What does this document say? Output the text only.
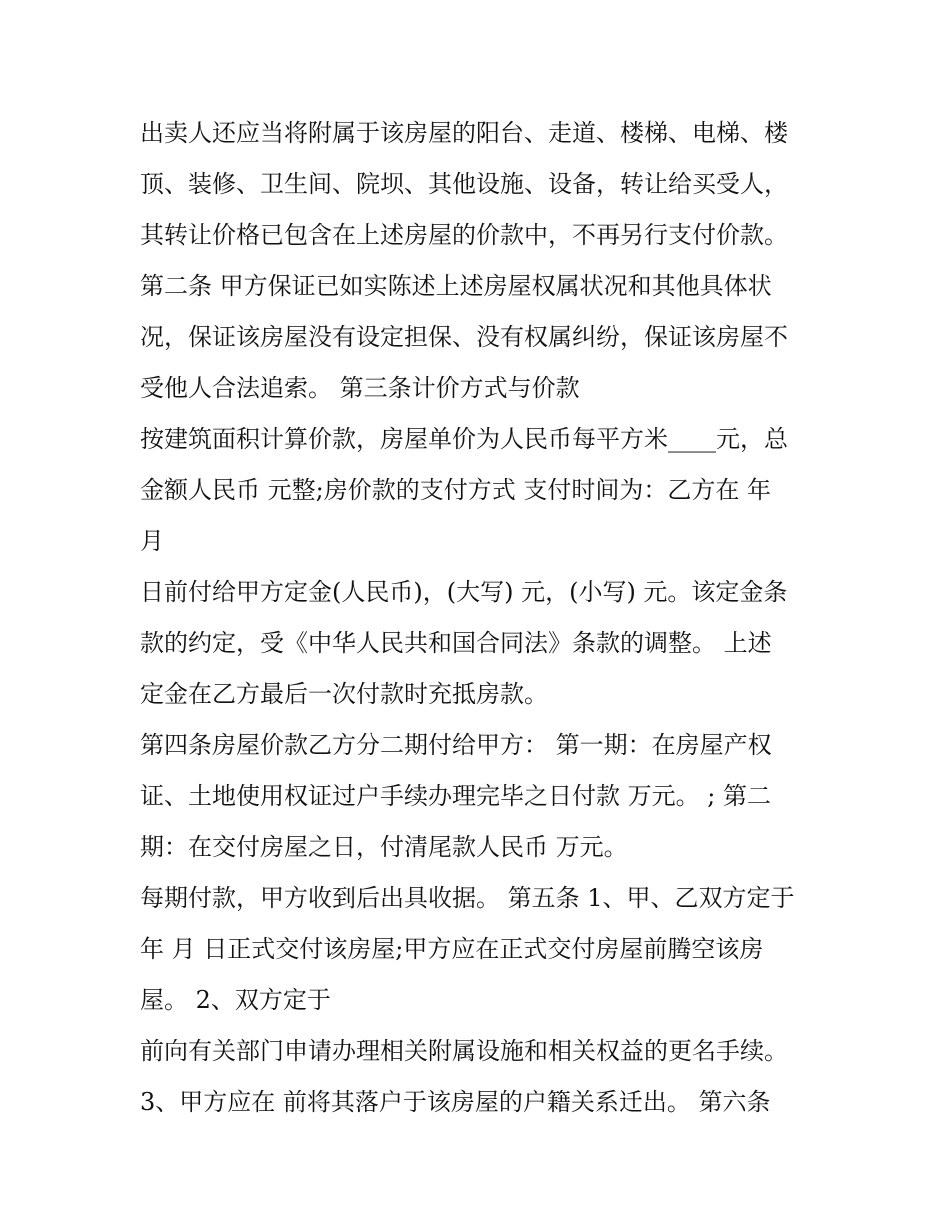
出卖人还应当将附属于该房屋的阳台、走道、楼梯、电梯、楼
顶、装修、卫生间、院坝、其他设施、设备，转让给买受人，
其转让价格已包含在上述房屋的价款中，不再另行支付价款。
第二条 甲方保证已如实陈述上述房屋权属状况和其他具体状
况，保证该房屋没有设定担保、没有权属纠纷，保证该房屋不
受他人合法追索。 第三条计价方式与价款
按建筑面积计算价款，房屋单价为人民币每平方米____元，总
金额人民币 元整;房价款的支付方式 支付时间为：乙方在 年
月
日前付给甲方定金(人民币)，(大写) 元，(小写) 元。该定金条
款的约定，受《中华人民共和国合同法》条款的调整。 上述
定金在乙方最后一次付款时充抵房款。
第四条房屋价款乙方分二期付给甲方： 第一期：在房屋产权
证、土地使用权证过户手续办理完毕之日付款 万元。 ; 第二
期：在交付房屋之日，付清尾款人民币 万元。
每期付款，甲方收到后出具收据。 第五条 1、甲、乙双方定于
年 月 日正式交付该房屋;甲方应在正式交付房屋前腾空该房
屋。 2、双方定于
前向有关部门申请办理相关附属设施和相关权益的更名手续。
3、甲方应在 前将其落户于该房屋的户籍关系迁出。 第六条
